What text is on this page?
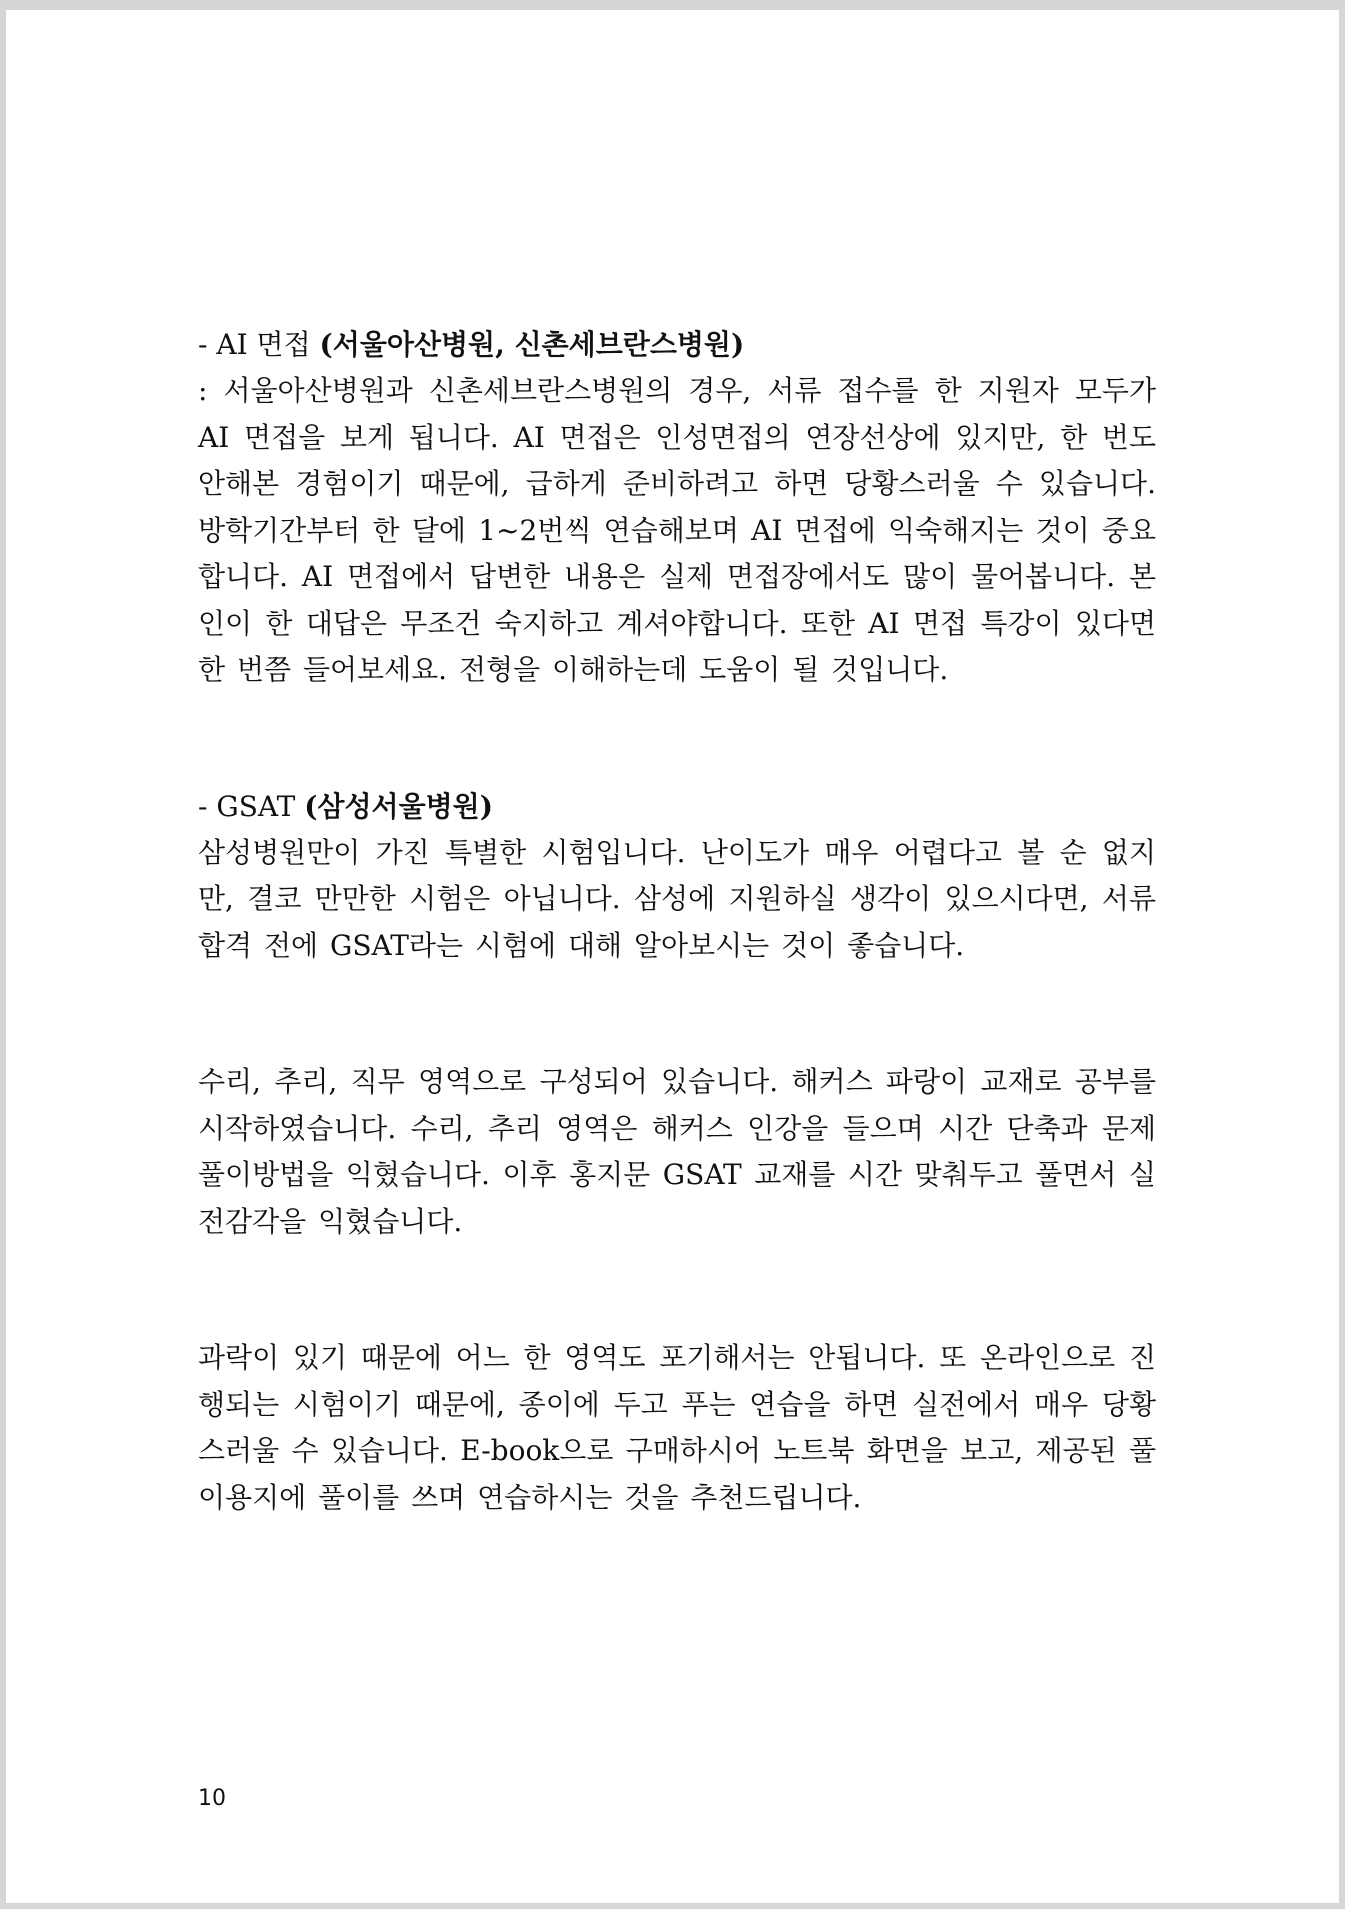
- AI 면접 (서울아산병원, 신촌세브란스병원)

: 서울아산병원과 신촌세브란스병원의 경우, 서류 접수를 한 지원자 모두가 AI 면접을 보게 됩니다. AI 면접은 인성면접의 연장선상에 있지만, 한 번도 안해본 경험이기 때문에, 급하게 준비하려고 하면 당황스러울 수 있습니다. 방학기간부터 한 달에 1~2번씩 연습해보며 AI 면접에 익숙해지는 것이 중요합니다. AI 면접에서 답변한 내용은 실제 면접장에서도 많이 물어봅니다. 본인이 한 대답은 무조건 숙지하고 계셔야합니다. 또한 AI 면접 특강이 있다면 한 번쯤 들어보세요. 전형을 이해하는데 도움이 될 것입니다.

- GSAT (삼성서울병원)

삼성병원만이 가진 특별한 시험입니다. 난이도가 매우 어렵다고 볼 순 없지만, 결코 만만한 시험은 아닙니다. 삼성에 지원하실 생각이 있으시다면, 서류 합격 전에 GSAT라는 시험에 대해 알아보시는 것이 좋습니다.

수리, 추리, 직무 영역으로 구성되어 있습니다. 해커스 파랑이 교재로 공부를 시작하였습니다. 수리, 추리 영역은 해커스 인강을 들으며 시간 단축과 문제 풀이방법을 익혔습니다. 이후 홍지문 GSAT 교재를 시간 맞춰두고 풀면서 실전감각을 익혔습니다.

과락이 있기 때문에 어느 한 영역도 포기해서는 안됩니다. 또 온라인으로 진행되는 시험이기 때문에, 종이에 두고 푸는 연습을 하면 실전에서 매우 당황스러울 수 있습니다. E-book으로 구매하시어 노트북 화면을 보고, 제공된 풀이용지에 풀이를 쓰며 연습하시는 것을 추천드립니다.

10
